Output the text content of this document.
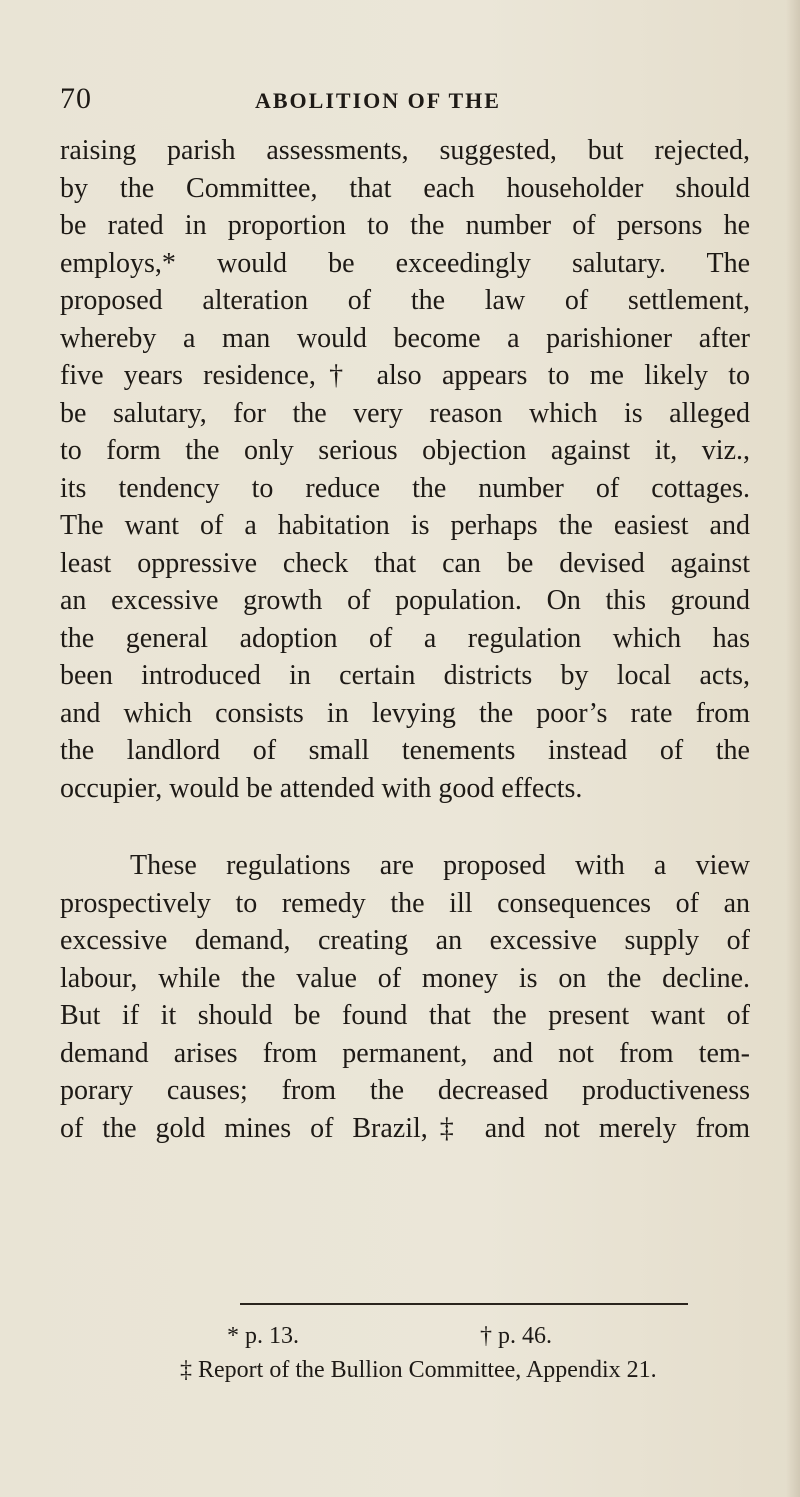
70	ABOLITION OF THE
raising parish assessments, suggested, but rejected,
by the Committee, that each householder should
be rated in proportion to the number of persons he
employs,* would be exceedingly salutary. The
proposed alteration of the law of settlement,
whereby a man would become a parishioner after
five years residence,† also appears to me likely to
be salutary, for the very reason which is alleged
to form the only serious objection against it, viz.,
its tendency to reduce the number of cottages.
The want of a habitation is perhaps the easiest and
least oppressive check that can be devised against
an excessive growth of population. On this ground
the general adoption of a regulation which has
been introduced in certain districts by local acts,
and which consists in levying the poor’s rate from
the landlord of small tenements instead of the
occupier, would be attended with good effects.
These regulations are proposed with a view
prospectively to remedy the ill consequences of an
excessive demand, creating an excessive supply of
labour, while the value of money is on the decline.
But if it should be found that the present want of
demand arises from permanent, and not from tem-
porary causes; from the decreased productiveness
of the gold mines of Brazil,‡ and not merely from
* p. 13.	† p. 46.
‡ Report of the Bullion Committee, Appendix 21.
